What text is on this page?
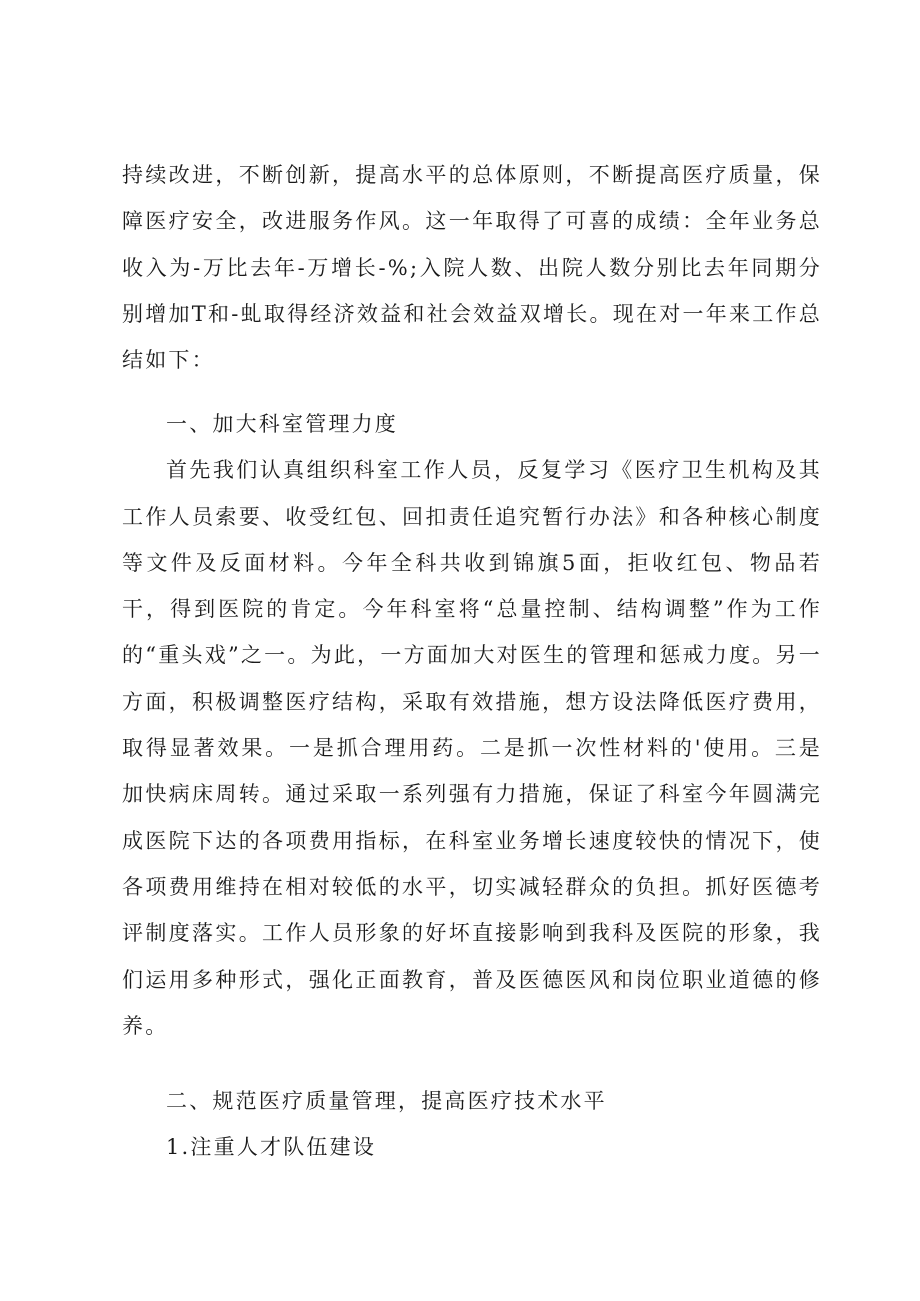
持续改进，不断创新，提高水平的总体原则，不断提高医疗质量，保障医疗安全，改进服务作风。这一年取得了可喜的成绩：全年业务总收入为-万比去年-万增长-%;入院人数、出院人数分别比去年同期分别增加T和-虬取得经济效益和社会效益双增长。现在对一年来工作总结如下：

一、加大科室管理力度

首先我们认真组织科室工作人员，反复学习《医疗卫生机构及其工作人员索要、收受红包、回扣责任追究暂行办法》和各种核心制度等文件及反面材料。今年全科共收到锦旗5面，拒收红包、物品若干，得到医院的肯定。今年科室将“总量控制、结构调整”作为工作的“重头戏”之一。为此，一方面加大对医生的管理和惩戒力度。另一方面，积极调整医疗结构，采取有效措施，想方设法降低医疗费用，取得显著效果。一是抓合理用药。二是抓一次性材料的'使用。三是加快病床周转。通过采取一系列强有力措施，保证了科室今年圆满完成医院下达的各项费用指标，在科室业务增长速度较快的情况下，使各项费用维持在相对较低的水平，切实减轻群众的负担。抓好医德考评制度落实。工作人员形象的好坏直接影响到我科及医院的形象，我们运用多种形式，强化正面教育，普及医德医风和岗位职业道德的修养。

二、规范医疗质量管理，提高医疗技术水平

1.注重人才队伍建设
